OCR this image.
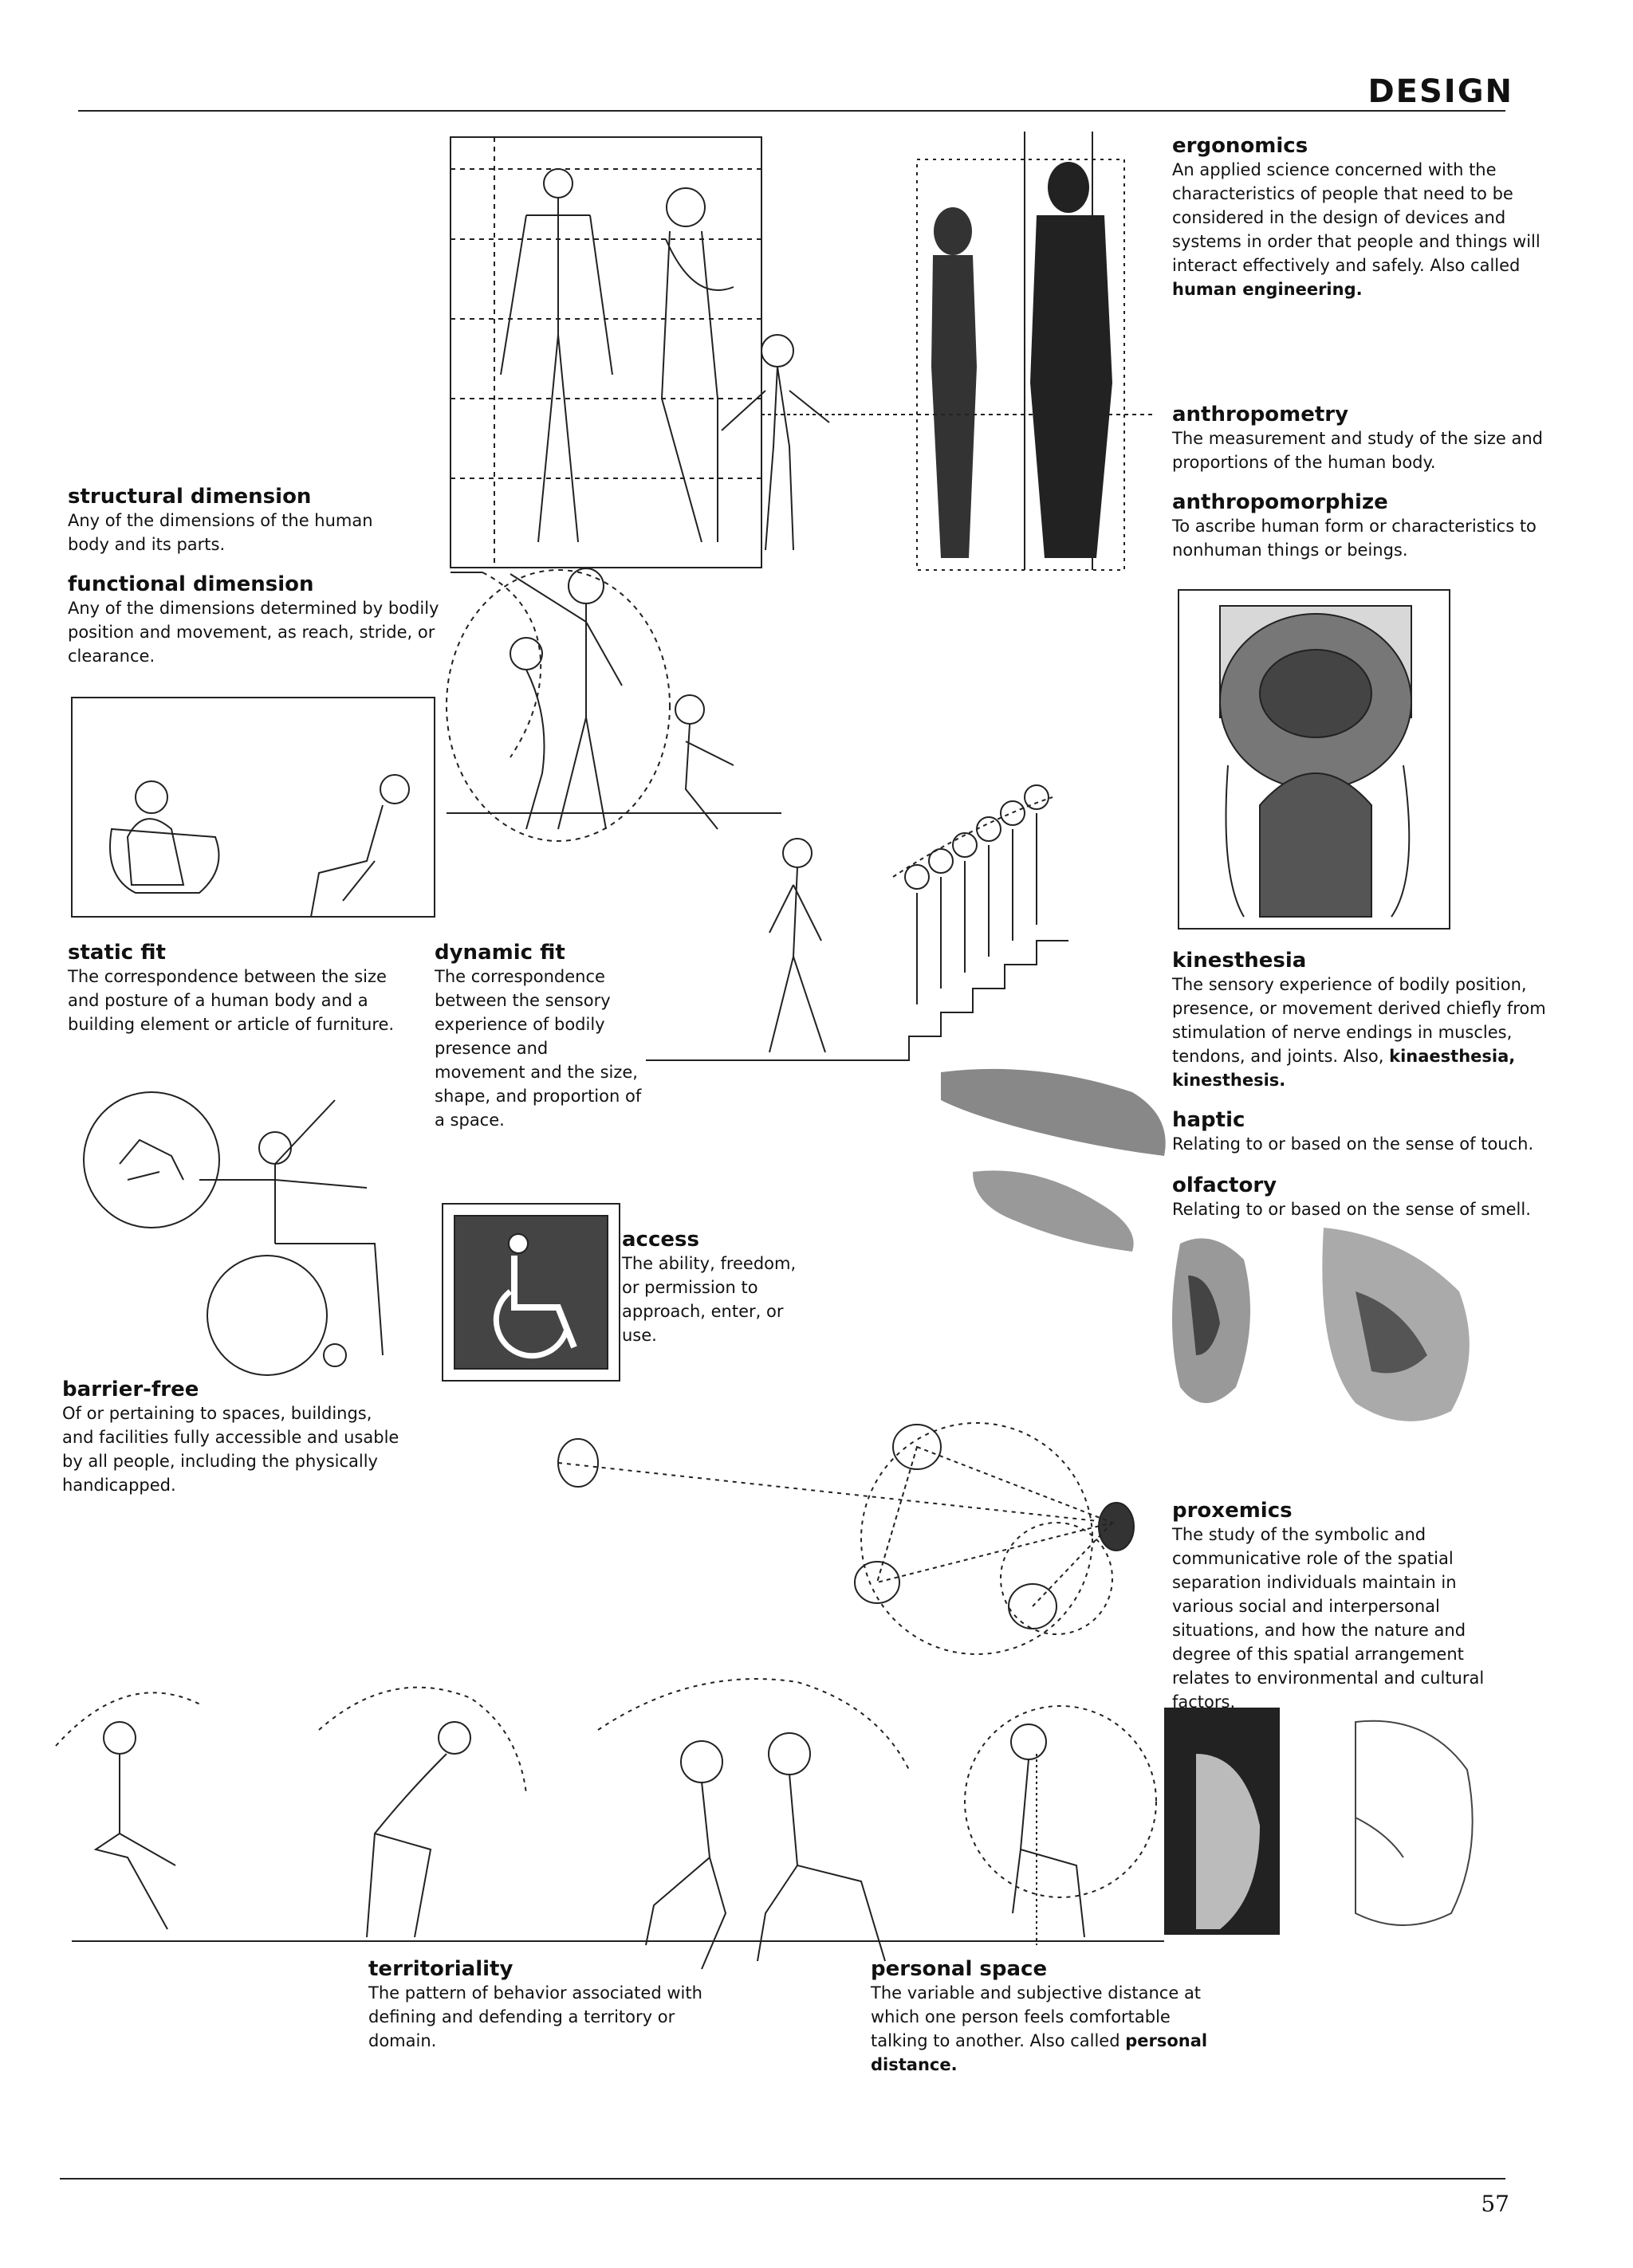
DESIGN
ergonomics
An applied science concerned with the characteristics of people that need to be considered in the design of devices and systems in order that people and things will interact effectively and safely. Also called human engineering.
anthropometry
The measurement and study of the size and proportions of the human body.
anthropomorphize
To ascribe human form or characteristics to nonhuman things or beings.
structural dimension
Any of the dimensions of the human body and its parts.
functional dimension
Any of the dimensions determined by bodily position and movement, as reach, stride, or clearance.
static fit
The correspondence between the size and posture of a human body and a building element or article of furniture.
dynamic fit
The correspondence between the sensory experience of bodily presence and movement and the size, shape, and proportion of a space.
kinesthesia
The sensory experience of bodily position, presence, or movement derived chiefly from stimulation of nerve endings in muscles, tendons, and joints. Also, kinaesthesia, kinesthesis.
haptic
Relating to or based on the sense of touch.
olfactory
Relating to or based on the sense of smell.
access
The ability, freedom, or permission to approach, enter, or use.
barrier-free
Of or pertaining to spaces, buildings, and facilities fully accessible and usable by all people, including the physically handicapped.
proxemics
The study of the symbolic and communicative role of the spatial separation individuals maintain in various social and interpersonal situations, and how the nature and degree of this spatial arrangement relates to environmental and cultural factors.
territoriality
The pattern of behavior associated with defining and defending a territory or domain.
personal space
The variable and subjective distance at which one person feels comfortable talking to another. Also called personal distance.
57
